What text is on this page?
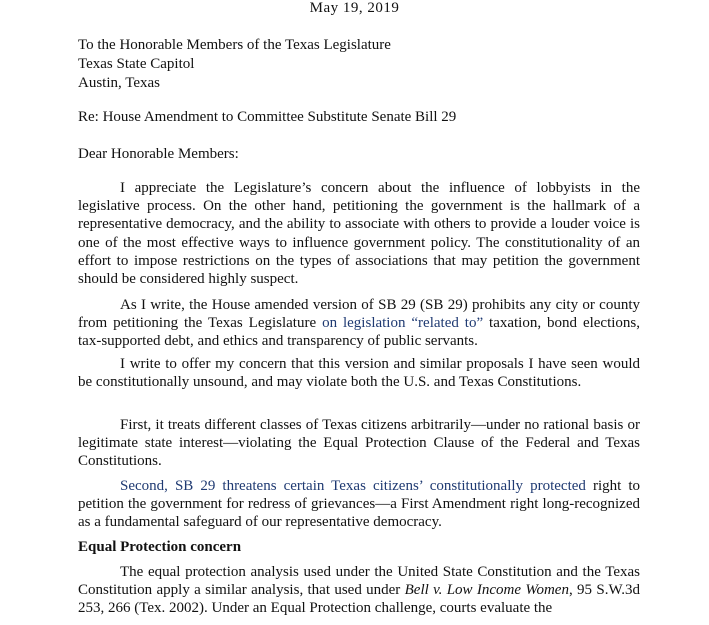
May 19, 2019
To the Honorable Members of the Texas Legislature
Texas State Capitol
Austin, Texas
Re: House Amendment to Committee Substitute Senate Bill 29
Dear Honorable Members:

I appreciate the Legislature’s concern about the influence of lobbyists in the legislative process. On the other hand, petitioning the government is the hallmark of a representative democracy, and the ability to associate with others to provide a louder voice is one of the most effective ways to influence government policy. The constitutionality of an effort to impose restrictions on the types of associations that may petition the government should be considered highly suspect.

As I write, the House amended version of SB 29 (SB 29) prohibits any city or county from petitioning the Texas Legislature on legislation “related to” taxation, bond elections, tax-supported debt, and ethics and transparency of public servants.

I write to offer my concern that this version and similar proposals I have seen would be constitutionally unsound, and may violate both the U.S. and Texas Constitutions.

First, it treats different classes of Texas citizens arbitrarily—under no rational basis or legitimate state interest—violating the Equal Protection Clause of the Federal and Texas Constitutions.

Second, SB 29 threatens certain Texas citizens’ constitutionally protected right to petition the government for redress of grievances—a First Amendment right long-recognized as a fundamental safeguard of our representative democracy.

Equal Protection concern

The equal protection analysis used under the United State Constitution and the Texas Constitution apply a similar analysis, that used under Bell v. Low Income Women, 95 S.W.3d 253, 266 (Tex. 2002). Under an Equal Protection challenge, courts evaluate the
